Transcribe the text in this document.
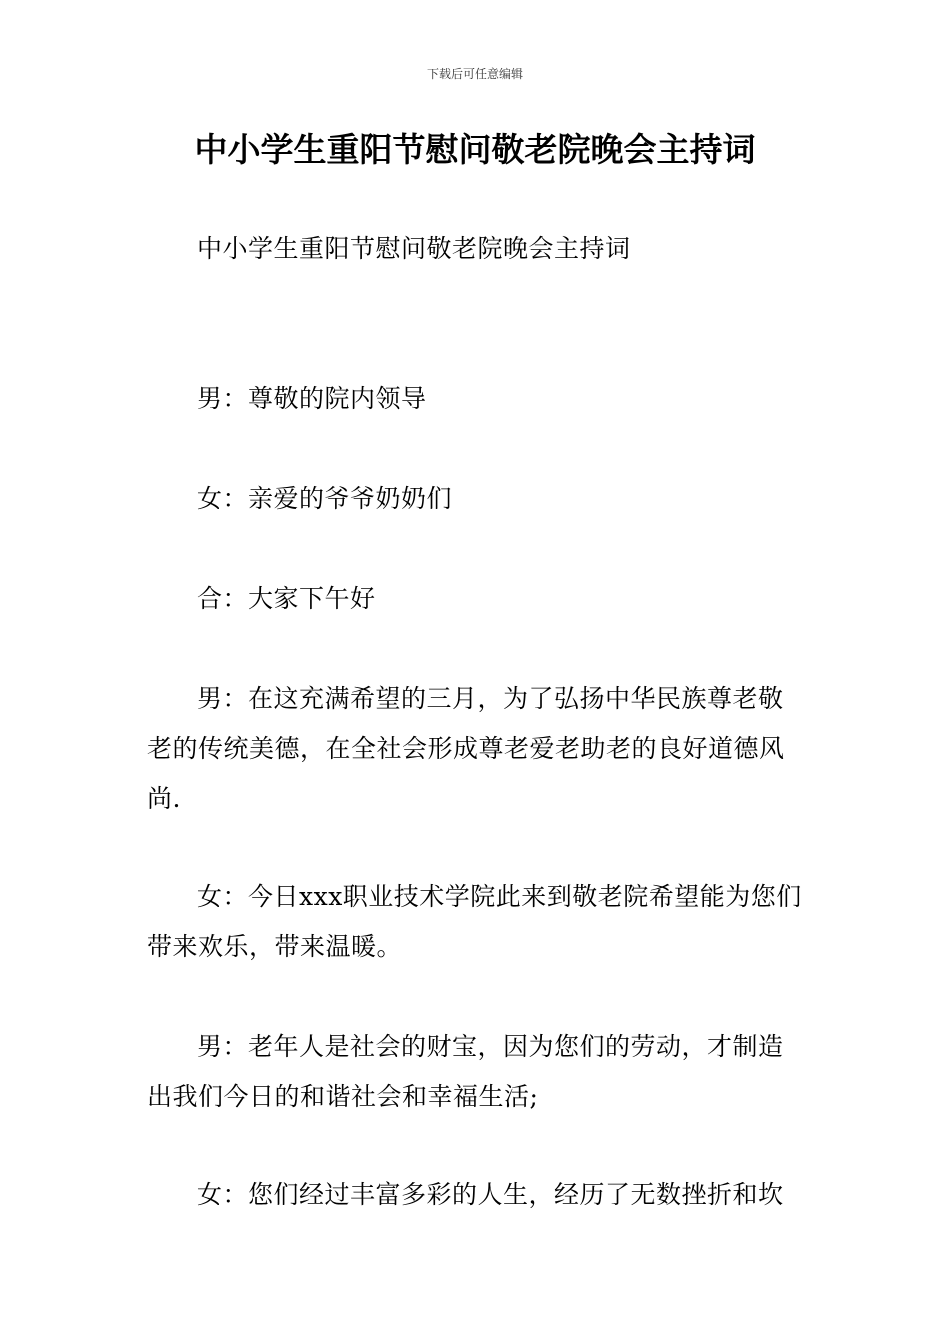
下载后可任意编辑
中小学生重阳节慰问敬老院晚会主持词

中小学生重阳节慰问敬老院晚会主持词

男：尊敬的院内领导

女：亲爱的爷爷奶奶们

合：大家下午好

男：在这充满希望的三月，为了弘扬中华民族尊老敬老的传统美德，在全社会形成尊老爱老助老的良好道德风尚.

女：今日xxx职业技术学院此来到敬老院希望能为您们带来欢乐，带来温暖。

男：老年人是社会的财宝，因为您们的劳动，才制造出我们今日的和谐社会和幸福生活;

女：您们经过丰富多彩的人生，经历了无数挫折和坎
